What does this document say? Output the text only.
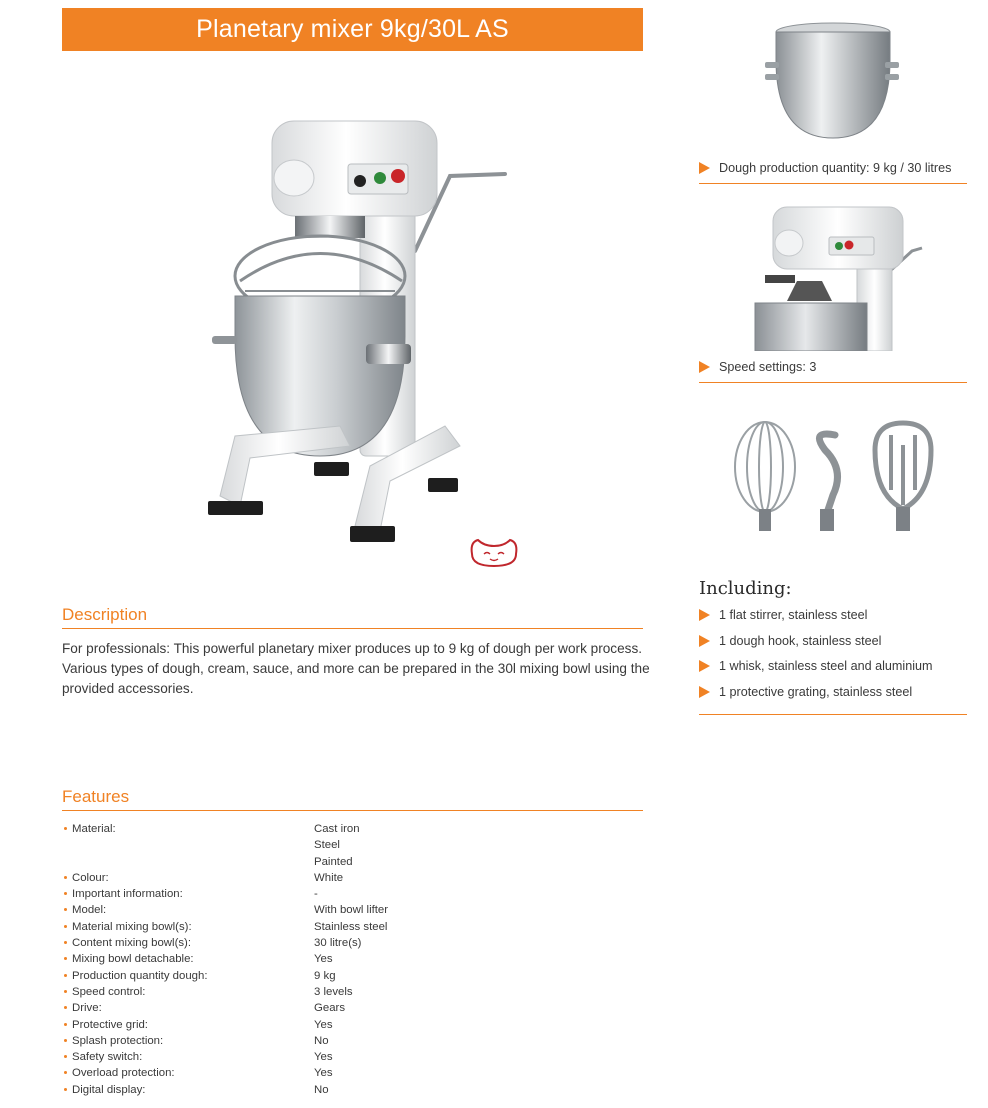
Planetary mixer 9kg/30L AS
Description
For professionals: This powerful planetary mixer produces up to 9 kg of dough per work process. Various types of dough, cream, sauce, and more can be prepared in the 30l mixing bowl using the provided accessories.
Features
Material:	Cast iron
Steel
Painted
Colour:	White
Important information:	-
Model:	With bowl lifter
Material mixing bowl(s):	Stainless steel
Content mixing bowl(s):	30 litre(s)
Mixing bowl detachable:	Yes
Production quantity dough:	9 kg
Speed control:	3 levels
Drive:	Gears
Protective grid:	Yes
Splash protection:	No
Safety switch:	Yes
Overload protection:	Yes
Digital display:	No
Dough production quantity: 9 kg / 30 litres
Speed settings: 3
Including:
1 flat stirrer, stainless steel
1 dough hook, stainless steel
1 whisk, stainless steel and aluminium
1 protective grating, stainless steel
